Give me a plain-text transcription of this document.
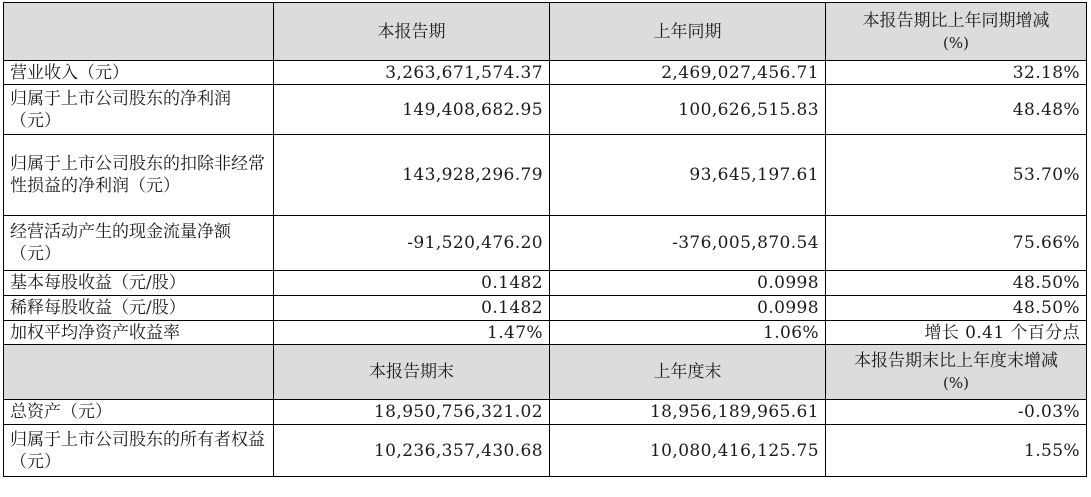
	本报告期	上年同期	本报告期比上年同期增减
(%)

营业收入（元）	3,263,671,574.37	2,469,027,456.71	32.18%
归属于上市公司股东的净利润（元）	149,408,682.95	100,626,515.83	48.48%
归属于上市公司股东的扣除非经常性损益的净利润（元）	143,928,296.79	93,645,197.61	53.70%
经营活动产生的现金流量净额（元）	-91,520,476.20	-376,005,870.54	75.66%
基本每股收益（元/股）	0.1482	0.0998	48.50%
稀释每股收益（元/股）	0.1482	0.0998	48.50%
加权平均净资产收益率	1.47%	1.06%	增长 0.41 个百分点
	本报告期末	上年度末	本报告期末比上年度末增减
(%)

总资产（元）	18,950,756,321.02	18,956,189,965.61	-0.03%
归属于上市公司股东的所有者权益（元）	10,236,357,430.68	10,080,416,125.75	1.55%
